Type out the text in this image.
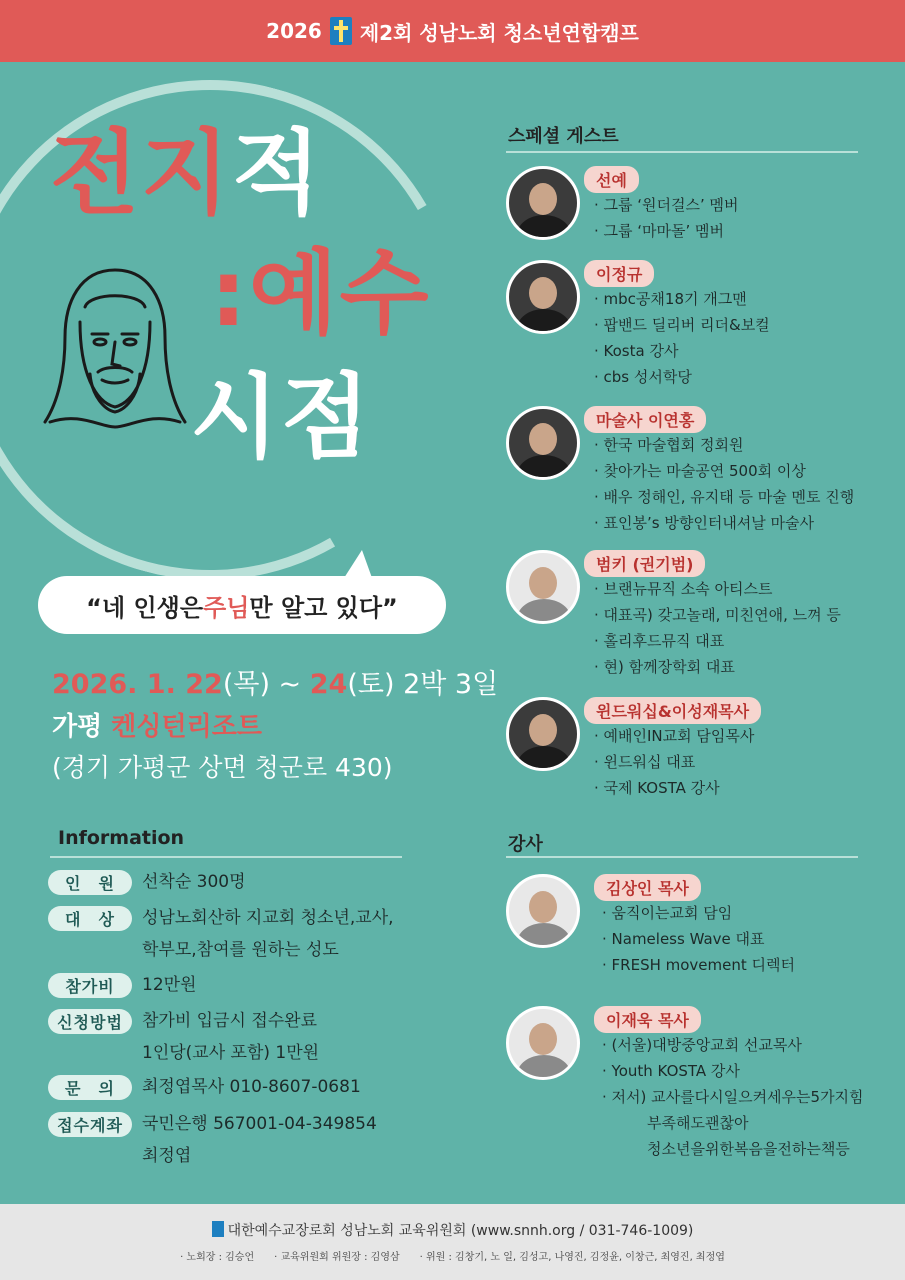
2026 제2회 성남노회 청소년연합캠프
전지적
:예수
시점
“네 인생은 주님 만 알고 있다”
2026. 1. 22(목) ~ 24(토) 2박 3일
가평 켄싱턴리조트
(경기 가평군 상면 청군로 430)
Information
인　원	선착순 300명
대　상	성남노회산하 지교회 청소년,교사,
학부모,참여를 원하는 성도
참가비	12만원
신청방법	참가비 입금시 접수완료
1인당(교사 포함) 1만원
문　의	최정엽목사 010-8607-0681
접수계좌	국민은행 567001-04-349854
최정엽
스페셜 게스트
선예
· 그룹 ‘원더걸스’ 멤버
· 그룹 ‘마마돌’ 멤버
이정규
· mbc공채18기 개그맨
· 팝밴드 딜리버 리더&보컬
· Kosta 강사
· cbs 성서학당
마술사 이연홍
· 한국 마술협회 정회원
· 찾아가는 마술공연 500회 이상
· 배우 정해인, 유지태 등 마술 멘토 진행
· 표인봉’s 방향인터내셔날 마술사
범키 (권기범)
· 브랜뉴뮤직 소속 아티스트
· 대표곡) 갖고놀래, 미친연애, 느껴 등
· 홀리후드뮤직 대표
· 현) 함께장학회 대표
윈드워십&이성재목사
· 예배인IN교회 담임목사
· 윈드워십 대표
· 국제 KOSTA 강사
강사
김상인 목사
· 움직이는교회 담임
· Nameless Wave 대표
· FRESH movement 디렉터
이재욱 목사
· (서울)대방중앙교회 선교목사
· Youth KOSTA 강사
· 저서) 교사를다시일으켜세우는5가지힘
　　　부족해도괜찮아
　　　청소년을위한복음을전하는책등
대한예수교장로회 성남노회 교육위원회 (www.snnh.org / 031-746-1009)
· 노회장 : 김승언　　· 교육위원회 위원장 : 김영삼　　· 위원 : 김창기, 노 일, 김성고, 나영진, 김정윤, 이창근, 최영진, 최정엽
